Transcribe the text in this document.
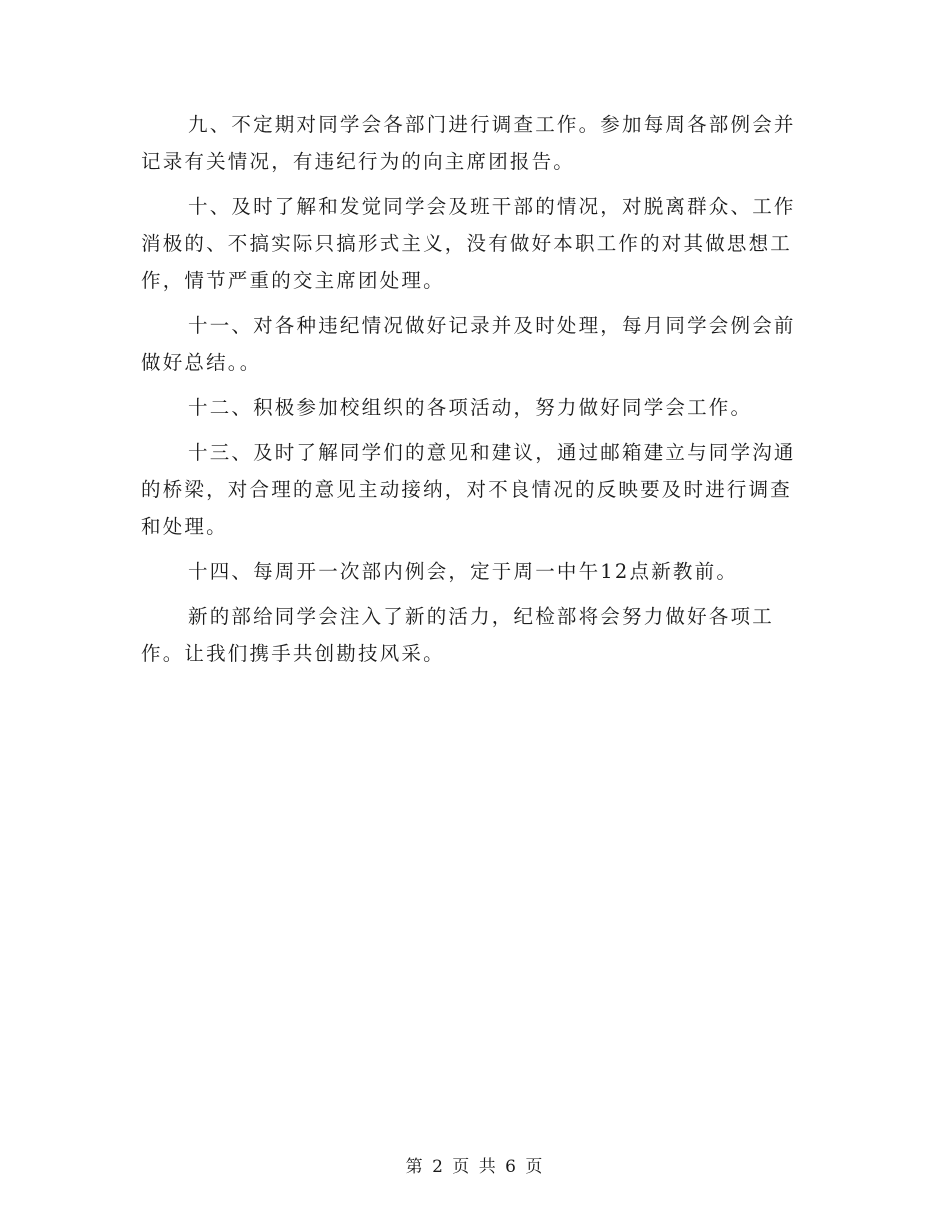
九、不定期对同学会各部门进行调查工作。参加每周各部例会并记录有关情况，有违纪行为的向主席团报告。

十、及时了解和发觉同学会及班干部的情况，对脱离群众、工作消极的、不搞实际只搞形式主义，没有做好本职工作的对其做思想工作，情节严重的交主席团处理。

十一、对各种违纪情况做好记录并及时处理，每月同学会例会前做好总结。。

十二、积极参加校组织的各项活动，努力做好同学会工作。

十三、及时了解同学们的意见和建议，通过邮箱建立与同学沟通的桥梁，对合理的意见主动接纳，对不良情况的反映要及时进行调查和处理。

十四、每周开一次部内例会，定于周一中午12点新教前。

新的部给同学会注入了新的活力，纪检部将会努力做好各项工作。让我们携手共创勘技风采。

第 2 页 共 6 页
